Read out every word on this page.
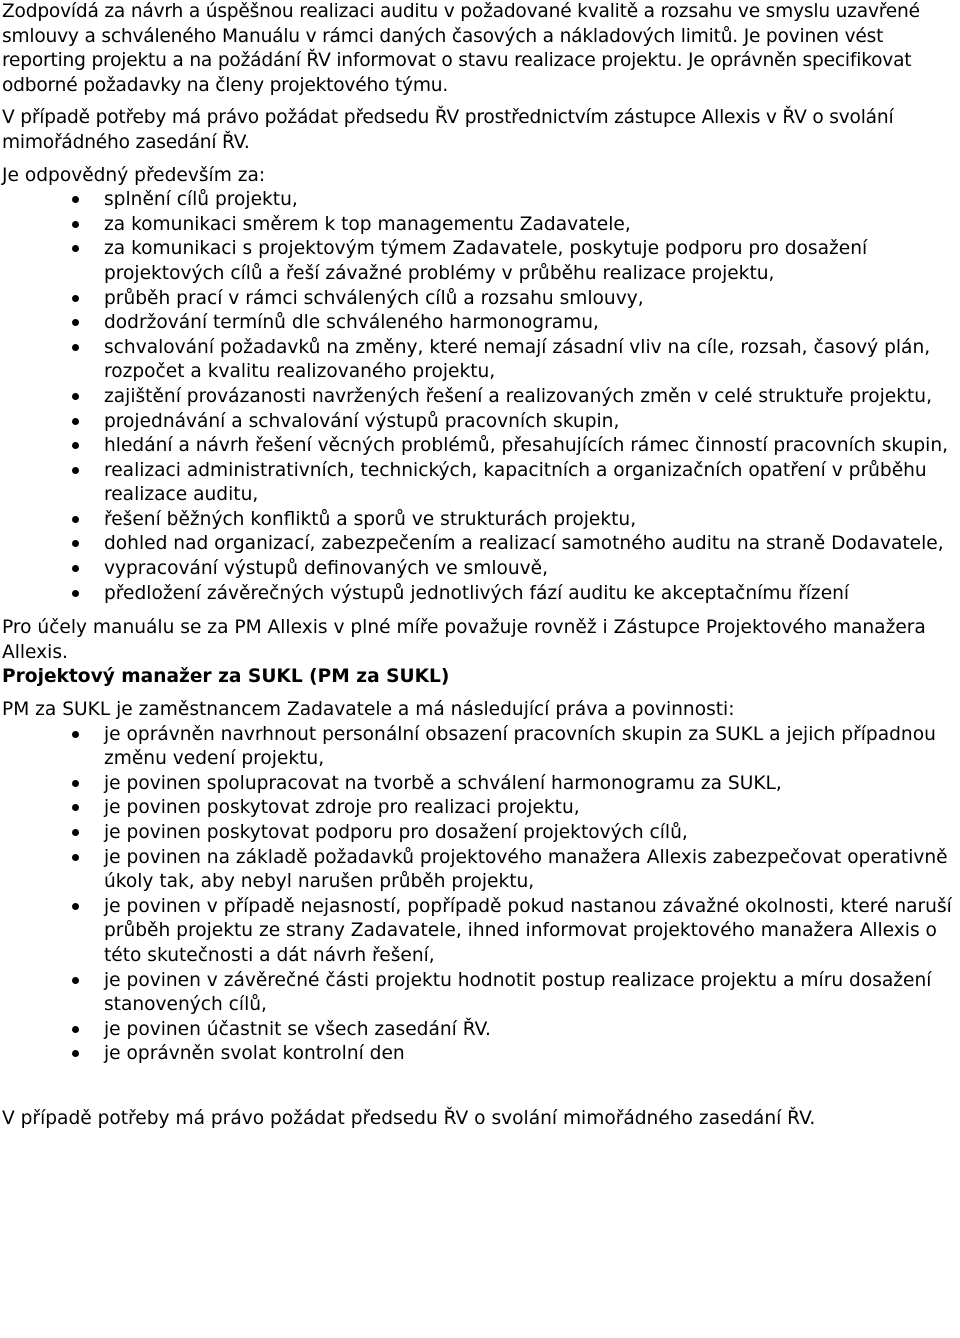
Zodpovídá za návrh a úspěšnou realizaci auditu v požadované kvalitě a rozsahu ve smyslu uzavřené smlouvy a schváleného Manuálu v rámci daných časových a nákladových limitů. Je povinen vést reporting projektu a na požádání ŘV informovat o stavu realizace projektu. Je oprávněn specifikovat odborné požadavky na členy projektového týmu.

V případě potřeby má právo požádat předsedu ŘV prostřednictvím zástupce Allexis v ŘV o svolání mimořádného zasedání ŘV.

Je odpovědný především za:

splnění cílů projektu,
za komunikaci směrem k top managementu Zadavatele,
za komunikaci s projektovým týmem Zadavatele, poskytuje podporu pro dosažení projektových cílů a řeší závažné problémy v průběhu realizace projektu,
průběh prací v rámci schválených cílů a rozsahu smlouvy,
dodržování termínů dle schváleného harmonogramu,
schvalování požadavků na změny, které nemají zásadní vliv na cíle, rozsah, časový plán, rozpočet a kvalitu realizovaného projektu,
zajištění provázanosti navržených řešení a realizovaných změn v celé struktuře projektu,
projednávání a schvalování výstupů pracovních skupin,
hledání a návrh řešení věcných problémů, přesahujících rámec činností pracovních skupin,
realizaci administrativních, technických, kapacitních a organizačních opatření v průběhu realizace auditu,
řešení běžných konfliktů a sporů ve strukturách projektu,
dohled nad organizací, zabezpečením a realizací samotného auditu na straně Dodavatele,
vypracování výstupů definovaných ve smlouvě,
předložení závěrečných výstupů jednotlivých fází auditu ke akceptačnímu řízení

Pro účely manuálu se za PM Allexis v plné míře považuje rovněž i Zástupce Projektového manažera Allexis.

Projektový manažer za SUKL (PM za SUKL)

PM za SUKL je zaměstnancem Zadavatele a má následující práva a povinnosti:

je oprávněn navrhnout personální obsazení pracovních skupin za SUKL a jejich případnou změnu vedení projektu,
je povinen spolupracovat na tvorbě a schválení harmonogramu za SUKL,
je povinen poskytovat zdroje pro realizaci projektu,
je povinen poskytovat podporu pro dosažení projektových cílů,
je povinen na základě požadavků projektového manažera Allexis zabezpečovat operativně úkoly tak, aby nebyl narušen průběh projektu,
je povinen v případě nejasností, popřípadě pokud nastanou závažné okolnosti, které naruší průběh projektu ze strany Zadavatele, ihned informovat projektového manažera Allexis o této skutečnosti a dát návrh řešení,
je povinen v závěrečné části projektu hodnotit postup realizace projektu a míru dosažení stanovených cílů,
je povinen účastnit se všech zasedání ŘV.
je oprávněn svolat kontrolní den

V případě potřeby má právo požádat předsedu ŘV o svolání mimořádného zasedání ŘV.
